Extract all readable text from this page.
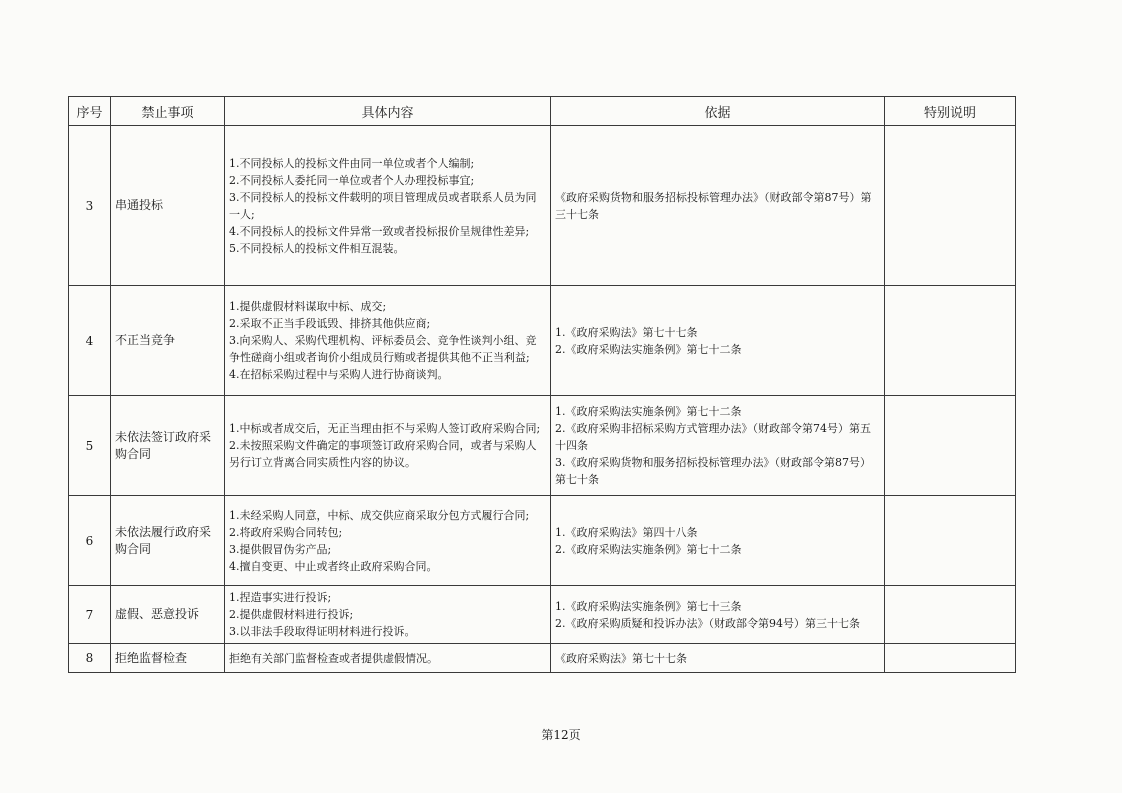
序号	禁止事项	具体内容	依据	特别说明
3	串通投标	1.不同投标人的投标文件由同一单位或者个人编制;
2.不同投标人委托同一单位或者个人办理投标事宜;
3.不同投标人的投标文件载明的项目管理成员或者联系人员为同一人;
4.不同投标人的投标文件异常一致或者投标报价呈规律性差异;
5.不同投标人的投标文件相互混装。	《政府采购货物和服务招标投标管理办法》（财政部令第87号）第三十七条	

4	不正当竞争	1.提供虚假材料谋取中标、成交;
2.采取不正当手段诋毁、排挤其他供应商;
3.向采购人、采购代理机构、评标委员会、竞争性谈判小组、竞争性磋商小组或者询价小组成员行贿或者提供其他不正当利益;
4.在招标采购过程中与采购人进行协商谈判。	1.《政府采购法》第七十七条
2.《政府采购法实施条例》第七十二条	

5	未依法签订政府采购合同	1.中标或者成交后，无正当理由拒不与采购人签订政府采购合同;
2.未按照采购文件确定的事项签订政府采购合同，或者与采购人另行订立背离合同实质性内容的协议。	1.《政府采购法实施条例》第七十二条
2.《政府采购非招标采购方式管理办法》（财政部令第74号）第五十四条
3.《政府采购货物和服务招标投标管理办法》（财政部令第87号）第七十条	

6	未依法履行政府采购合同	1.未经采购人同意，中标、成交供应商采取分包方式履行合同;
2.将政府采购合同转包;
3.提供假冒伪劣产品;
4.擅自变更、中止或者终止政府采购合同。	1.《政府采购法》第四十八条
2.《政府采购法实施条例》第七十二条	

7	虚假、恶意投诉	1.捏造事实进行投诉;
2.提供虚假材料进行投诉;
3.以非法手段取得证明材料进行投诉。	1.《政府采购法实施条例》第七十三条
2.《政府采购质疑和投诉办法》（财政部令第94号）第三十七条	

8	拒绝监督检查	拒绝有关部门监督检查或者提供虚假情况。	《政府采购法》第七十七条	

第12页
